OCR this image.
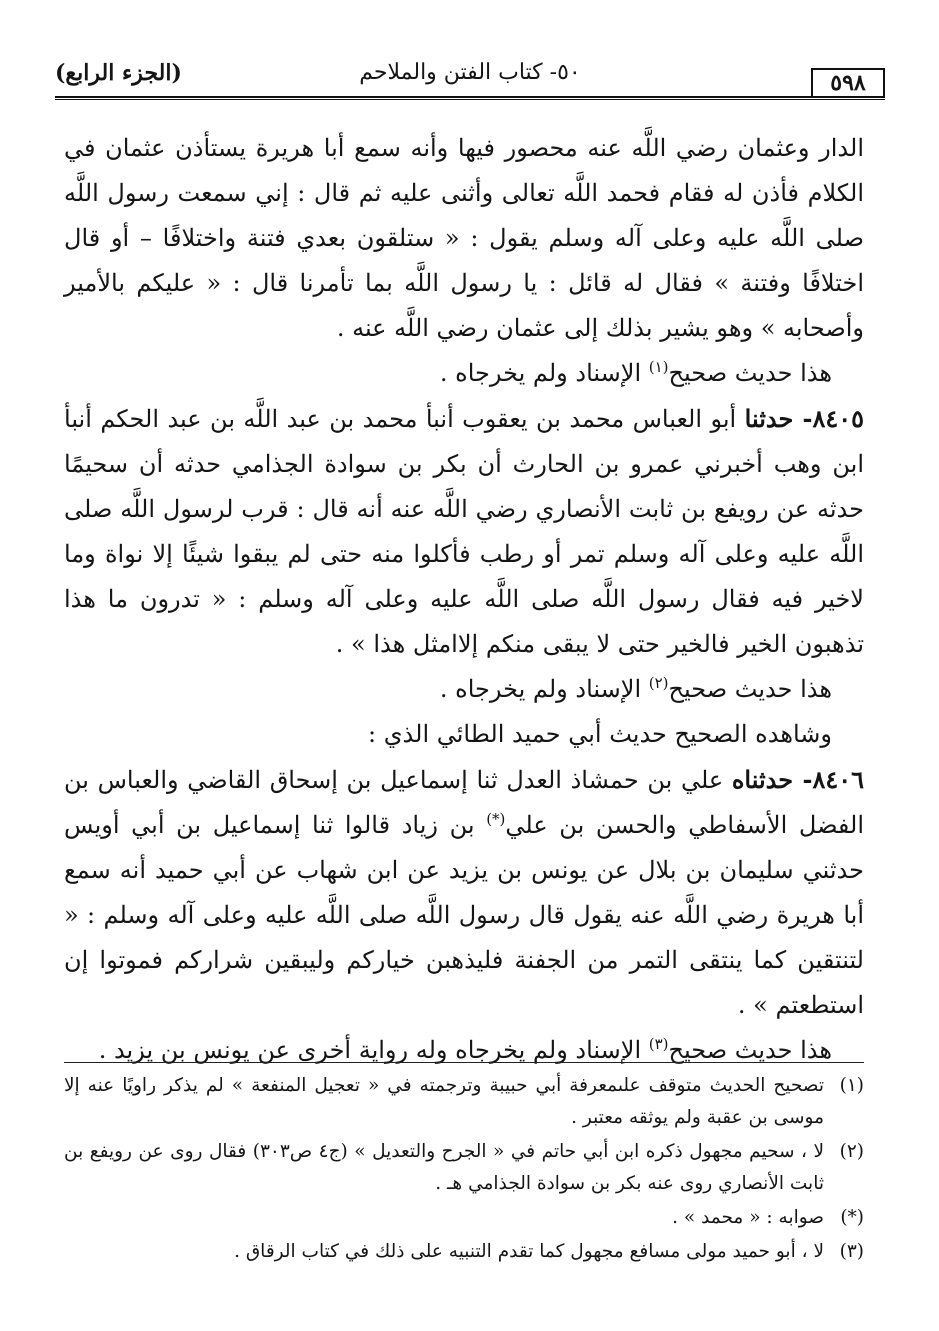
٥٩٨
٥٠- كتاب الفتن والملاحم
(الجزء الرابع)

الدار وعثمان رضي اللَّه عنه محصور فيها وأنه سمع أبا هريرة يستأذن عثمان في الكلام فأذن له فقام فحمد اللَّه تعالى وأثنى عليه ثم قال : إني سمعت رسول اللَّه صلى اللَّه عليه وعلى آله وسلم يقول : « ستلقون بعدي فتنة واختلافًا – أو قال اختلافًا وفتنة » فقال له قائل : يا رسول اللَّه بما تأمرنا قال : « عليكم بالأمير وأصحابه » وهو يشير بذلك إلى عثمان رضي اللَّه عنه .

هذا حديث صحيح$^{(١)}$ الإسناد ولم يخرجاه .

٨٤٠٥- حدثنا أبو العباس محمد بن يعقوب أنبأ محمد بن عبد اللَّه بن عبد الحكم أنبأ ابن وهب أخبرني عمرو بن الحارث أن بكر بن سوادة الجذامي حدثه أن سحيمًا حدثه عن رويفع بن ثابت الأنصاري رضي اللَّه عنه أنه قال : قرب لرسول اللَّه صلى اللَّه عليه وعلى آله وسلم تمر أو رطب فأكلوا منه حتى لم يبقوا شيئًا إلا نواة وما لاخير فيه فقال رسول اللَّه صلى اللَّه عليه وعلى آله وسلم : « تدرون ما هذا تذهبون الخير فالخير حتى لا يبقى منكم إلاامثل هذا » .

هذا حديث صحيح$^{(٢)}$ الإسناد ولم يخرجاه .

وشاهده الصحيح حديث أبي حميد الطائي الذي :

٨٤٠٦- حدثناه علي بن حمشاذ العدل ثنا إسماعيل بن إسحاق القاضي والعباس بن الفضل الأسفاطي والحسن بن علي(*) بن زياد قالوا ثنا إسماعيل بن أبي أويس حدثني سليمان بن بلال عن يونس بن يزيد عن ابن شهاب عن أبي حميد أنه سمع أبا هريرة رضي اللَّه عنه يقول قال رسول اللَّه صلى اللَّه عليه وعلى آله وسلم : « لتنتقين كما ينتقى التمر من الجفنة فليذهبن خياركم وليبقين شراركم فموتوا إن استطعتم » .

هذا حديث صحيح$^{(٣)}$ الإسناد ولم يخرجاه وله رواية أخرى عن يونس بن يزيد .

(١)
تصحيح الحديث متوقف علىمعرفة أبي حبيبة وترجمته في « تعجيل المنفعة » لم يذكر راويًا عنه إلا موسى بن عقبة ولم يوثقه معتبر .
(٢)
لا ، سحيم مجهول ذكره ابن أبي حاتم في « الجرح والتعديل » (ج٤ ص٣٠٣) فقال روى عن رويفع بن ثابت الأنصاري روى عنه بكر بن سوادة الجذامي هـ .
(*)
صوابه : « محمد » .
(٣)
لا ، أبو حميد مولى مسافع مجهول كما تقدم التنبيه على ذلك في كتاب الرقاق .
